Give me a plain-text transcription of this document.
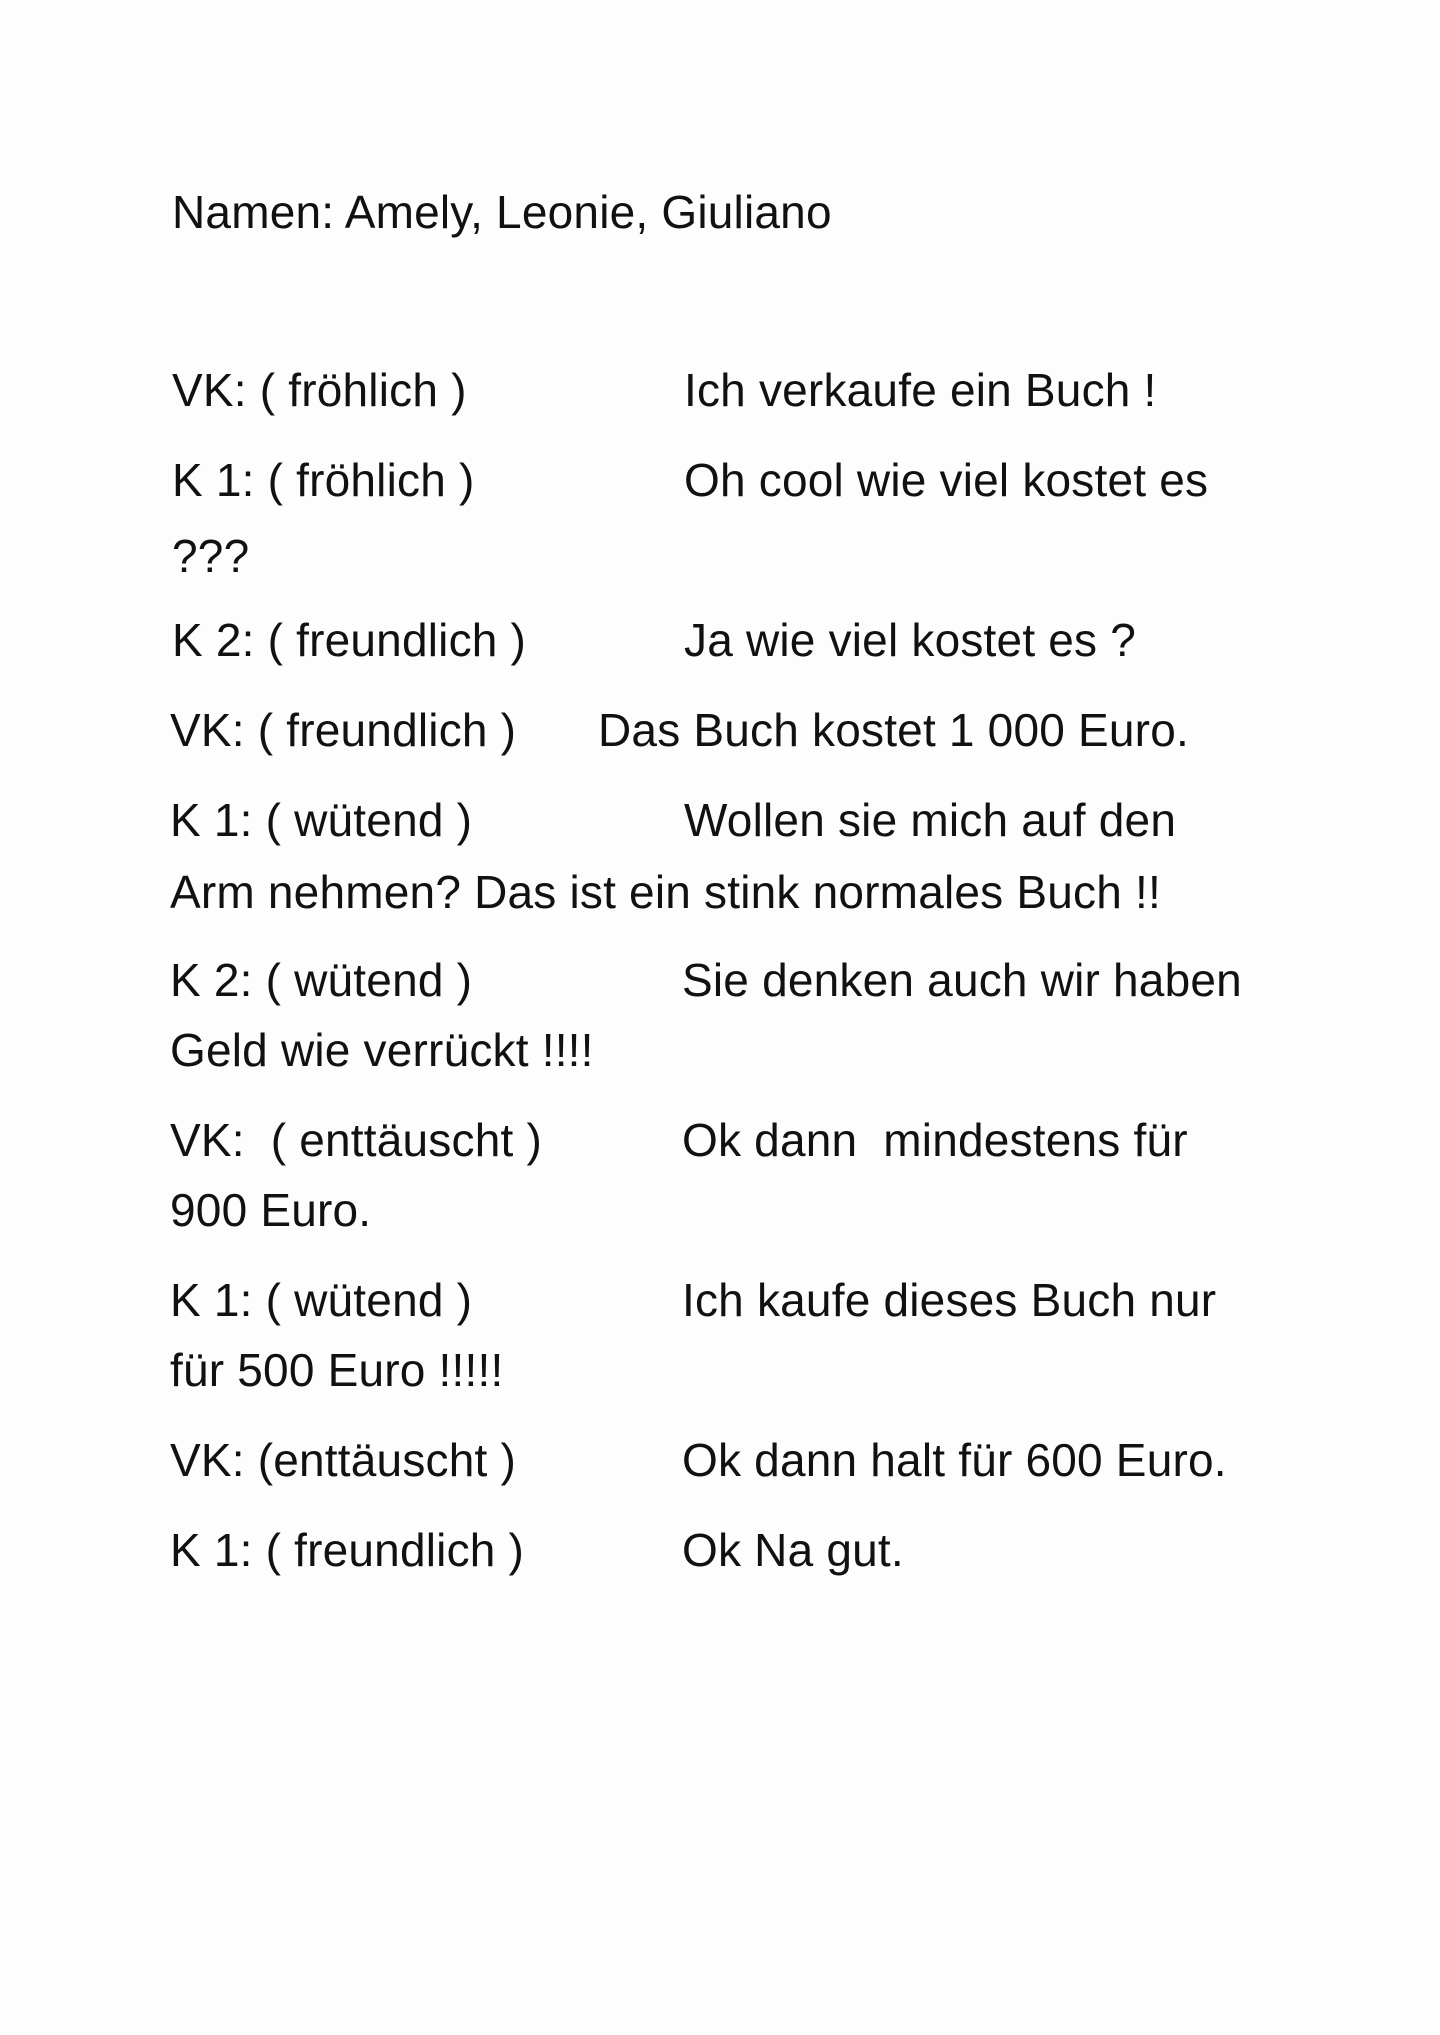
Namen: Amely, Leonie, Giuliano
VK: ( fröhlich )	Ich verkaufe ein Buch !
K 1: ( fröhlich )	Oh cool wie viel kostet es
???
K 2: ( freundlich )	Ja wie viel kostet es ?
VK: ( freundlich ) Das Buch kostet 1 000 Euro.
K 1: ( wütend )	Wollen sie mich auf den
Arm nehmen? Das ist ein stink normales Buch !!
K 2: ( wütend )	Sie denken auch wir haben
Geld wie verrückt !!!!
VK:  ( enttäuscht )	Ok dann  mindestens für
900 Euro.
K 1: ( wütend )	Ich kaufe dieses Buch nur
für 500 Euro !!!!!
VK: (enttäuscht )	Ok dann halt für 600 Euro.
K 1: ( freundlich )	Ok Na gut.
